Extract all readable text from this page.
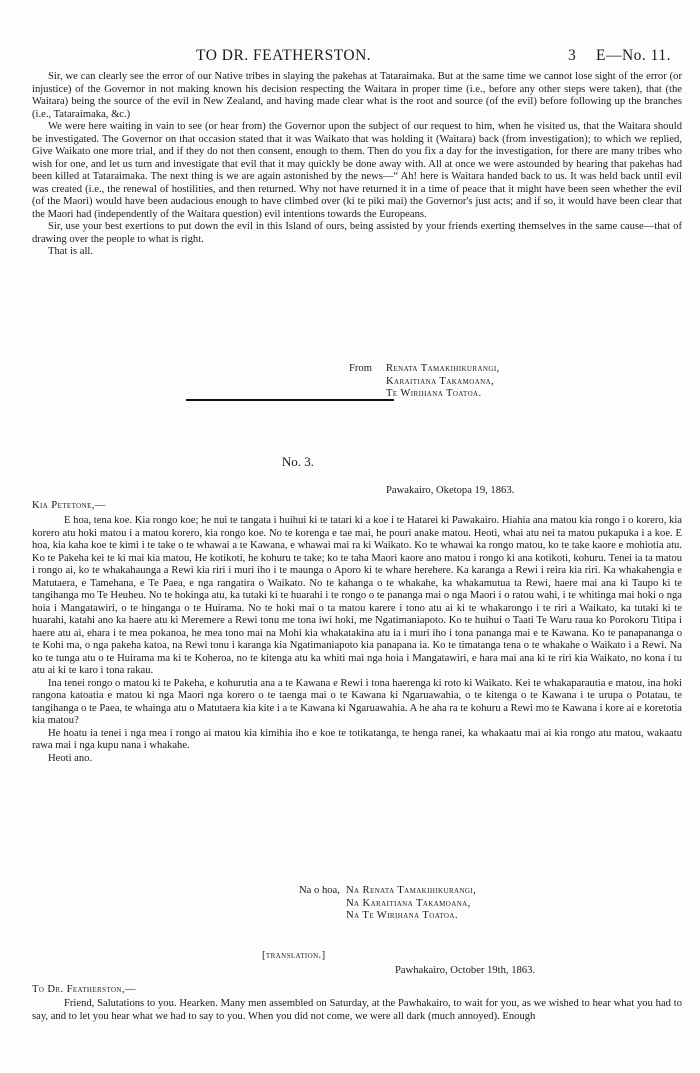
TO DR. FEATHERSTON.	3 E—No. 11.

Sir, we can clearly see the error of our Native tribes in slaying the pakehas at Tataraimaka. But at the same time we cannot lose sight of the error (or injustice) of the Governor in not making known his decision respecting the Waitara in proper time (i.e., before any other steps were taken), that (the Waitara) being the source of the evil in New Zealand, and having made clear what is the root and source (of the evil) before following up the branches (i.e., Tataraimaka, &c.)

We were here waiting in vain to see (or hear from) the Governor upon the subject of our request to him, when he visited us, that the Waitara should be investigated. The Governor on that occasion stated that it was Waikato that was holding it (Waitara) back (from investigation); to which we replied, Give Waikato one more trial, and if they do not then consent, enough to them. Then do you fix a day for the investigation, for there are many tribes who wish for one, and let us turn and investigate that evil that it may quickly be done away with. All at once we were astounded by hearing that pakehas had been killed at Tataraimaka. The next thing is we are again astonished by the news—“ Ah! here is Waitara handed back to us. It was held back until evil was created (i.e., the renewal of hostilities, and then returned. Why not have returned it in a time of peace that it might have been seen whether the evil (of the Maori) would have been audacious enough to have climbed over (ki te piki mai) the Governor's just acts; and if so, it would have been clear that the Maori had (independently of the Waitara question) evil intentions towards the Europeans.

Sir, use your best exertions to put down the evil in this Island of ours, being assisted by your friends exerting themselves in the same cause—that of drawing over the people to what is right.

That is all.

From Renata Tamakihikurangi,
Karaitiana Takamoana,
Te Wirihana Toatoa.
No. 3.
Pawakairo, Oketopa 19, 1863.
Kia Petetone,—

E hoa, tena koe. Kia rongo koe; he nui te tangata i huihui ki te tatari ki a koe i te Hatarei ki Pawakairo. Hiahia ana matou kia rongo i o korero, kia korero atu hoki matou i a matou korero, kia rongo koe. No te korenga e tae mai, he pouri anake matou. Heoti, whai atu nei ta matou pukapuka i a koe. E hoa, kia kaha koe te kimi i te take o te whawai a te Kawana, e whawai mai ra ki Waikato. Ko te whawai ka rongo matou, ko te take kaore e mohiotia atu. Ko te Pakeha kei te ki mai kia matou, He kotikoti, he kohuru te take; ko te taha Maori kaore ano matou i rongo ki ana kotikoti, kohuru. Tenei ia ta matou i rongo ai, ko te whakahaunga a Rewi kia riri i muri iho i te maunga o Aporo ki te whare herehere. Ka karanga a Rewi i reira kia riri. Ka whakahengia e Matutaera, e Tamehana, e Te Paea, e nga rangatira o Waikato. No te kahanga o te whakahe, ka whakamutua ta Rewi, haere mai ana ki Taupo ki te tangihanga mo Te Heuheu. No te hokinga atu, ka tutaki ki te huarahi i te rongo o te pananga mai o nga Maori i o ratou wahi, i te whitinga mai hoki o nga hoia i Mangatawiri, o te hinganga o te Huirama. No te hoki mai o ta matou karere i tono atu ai ki te whakarongo i te riri a Waikato, ka tutaki ki te huarahi, katahi ano ka haere atu ki Meremere a Rewi tonu me tona iwi hoki, me Ngatimaniapoto. Ko te huihui o Taati Te Waru raua ko Porokoru Titipa i haere atu ai, ehara i te mea pokanoa, he mea tono mai na Mohi kia whakatakina atu ia i muri iho i tona pananga mai e te Kawana. Ko te panapananga o te Kohi ma, o nga pakeha katoa, na Rewi tonu i karanga kia Ngatimaniapoto kia panapana ia. Ko te timatanga tena o te whakahe o Waikato i a Rewi. Na ko te tunga atu o te Huirama ma ki te Koheroa, no te kitenga atu ka whiti mai nga hoia i Mangatawiri, e hara mai ana ki te riri kia Waikato, no kona i tu atu ai ki te karo i tona rakau.

Ina tenei rongo o matou ki te Pakeha, e kohurutia ana a te Kawana e Rewi i tona haerenga ki roto ki Waikato. Kei te whakaparautia e matou, ina hoki rangona katoatia e matou ki nga Maori nga korero o te taenga mai o te Kawana ki Ngaruawahia, o te kitenga o te Kawana i te urupa o Potatau, te tangihanga o te Paea, te whainga atu o Matutaera kia kite i a te Kawana ki Ngaruawahia. A he aha ra te kohuru a Rewi mo te Kawana i kore ai e koretotia kia matou?

He hoatu ia tenei i nga mea i rongo ai matou kia kimihia iho e koe te totikatanga, te henga ranei, ka whakaatu mai ai kia rongo atu matou, wakaatu rawa mai i nga kupu nana i whakahe.

Heoti ano.

Na o hoa, Na Renata Tamakihikurangi,
Na Karaitiana Takamoana,
Na Te Wirihana Toatoa.
[translation.]
Pawhakairo, October 19th, 1863.
To Dr. Featherston,—

Friend, Salutations to you. Hearken. Many men assembled on Saturday, at the Pawhakairo, to wait for you, as we wished to hear what you had to say, and to let you hear what we had to say to you. When you did not come, we were all dark (much annoyed). Enough
